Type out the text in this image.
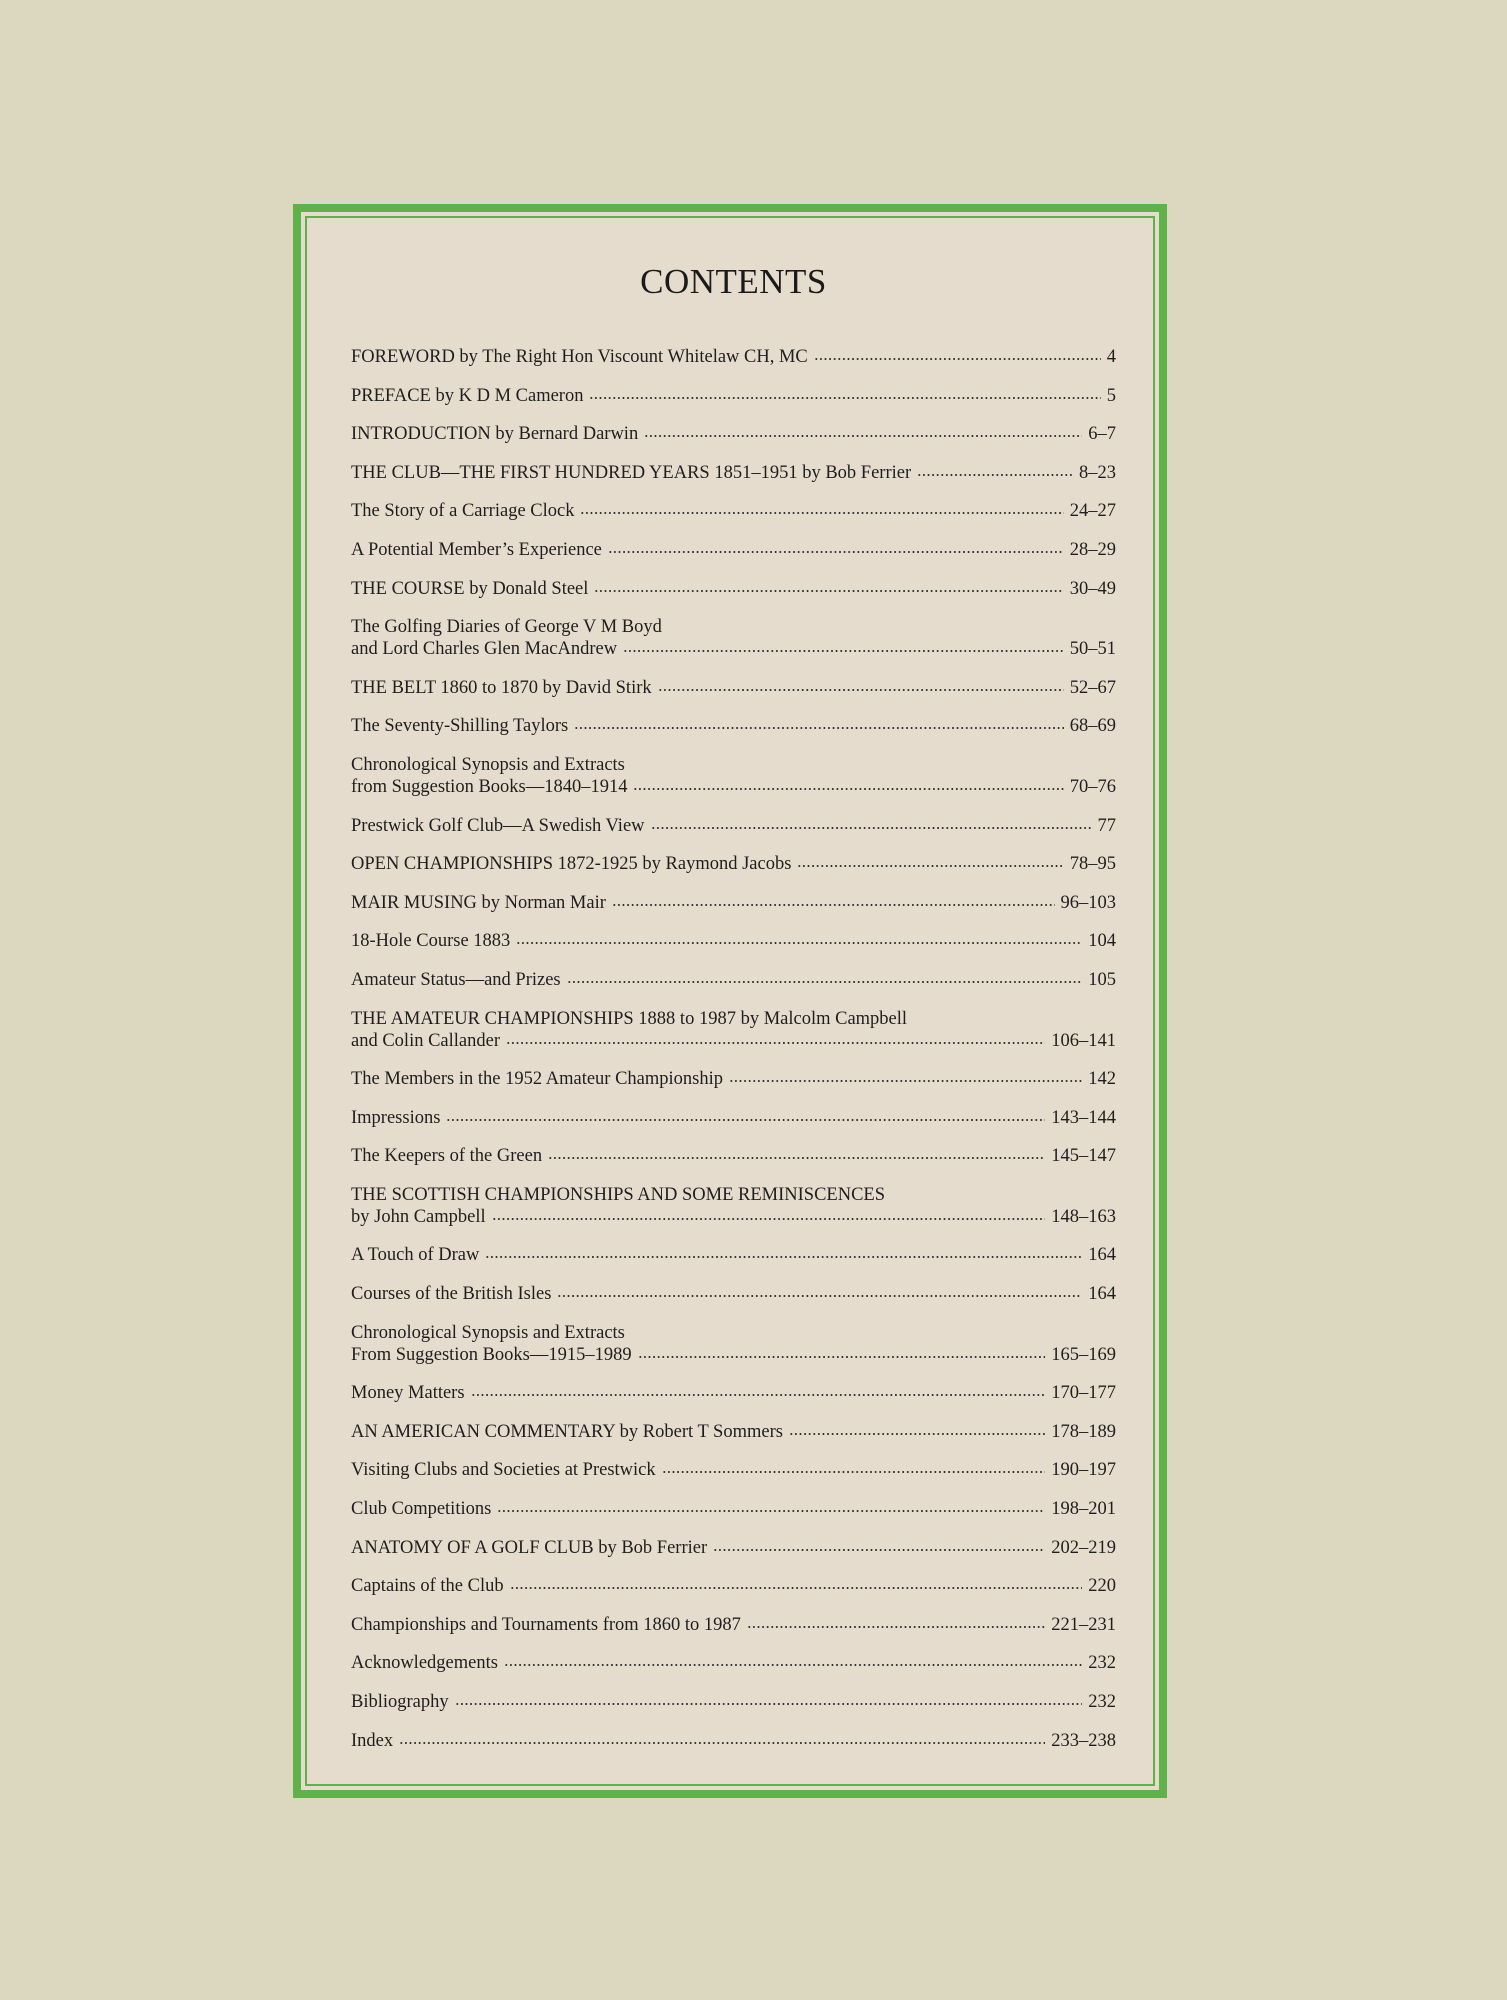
CONTENTS
FOREWORD by The Right Hon Viscount Whitelaw CH, MC	4
PREFACE by K D M Cameron	5
INTRODUCTION by Bernard Darwin	6–7
THE CLUB—THE FIRST HUNDRED YEARS 1851–1951 by Bob Ferrier	8–23
The Story of a Carriage Clock	24–27
A Potential Member’s Experience	28–29
THE COURSE by Donald Steel	30–49
The Golfing Diaries of George V M Boyd
and Lord Charles Glen MacAndrew	50–51
THE BELT 1860 to 1870 by David Stirk	52–67
The Seventy-Shilling Taylors	68–69
Chronological Synopsis and Extracts
from Suggestion Books—1840–1914	70–76
Prestwick Golf Club—A Swedish View	77
OPEN CHAMPIONSHIPS 1872-1925 by Raymond Jacobs	78–95
MAIR MUSING by Norman Mair	96–103
18-Hole Course 1883	104
Amateur Status—and Prizes	105
THE AMATEUR CHAMPIONSHIPS 1888 to 1987 by Malcolm Campbell
and Colin Callander	106–141
The Members in the 1952 Amateur Championship	142
Impressions	143–144
The Keepers of the Green	145–147
THE SCOTTISH CHAMPIONSHIPS AND SOME REMINISCENCES
by John Campbell	148–163
A Touch of Draw	164
Courses of the British Isles	164
Chronological Synopsis and Extracts
From Suggestion Books—1915–1989	165–169
Money Matters	170–177
AN AMERICAN COMMENTARY by Robert T Sommers	178–189
Visiting Clubs and Societies at Prestwick	190–197
Club Competitions	198–201
ANATOMY OF A GOLF CLUB by Bob Ferrier	202–219
Captains of the Club	220
Championships and Tournaments from 1860 to 1987	221–231
Acknowledgements	232
Bibliography	232
Index	233–238
